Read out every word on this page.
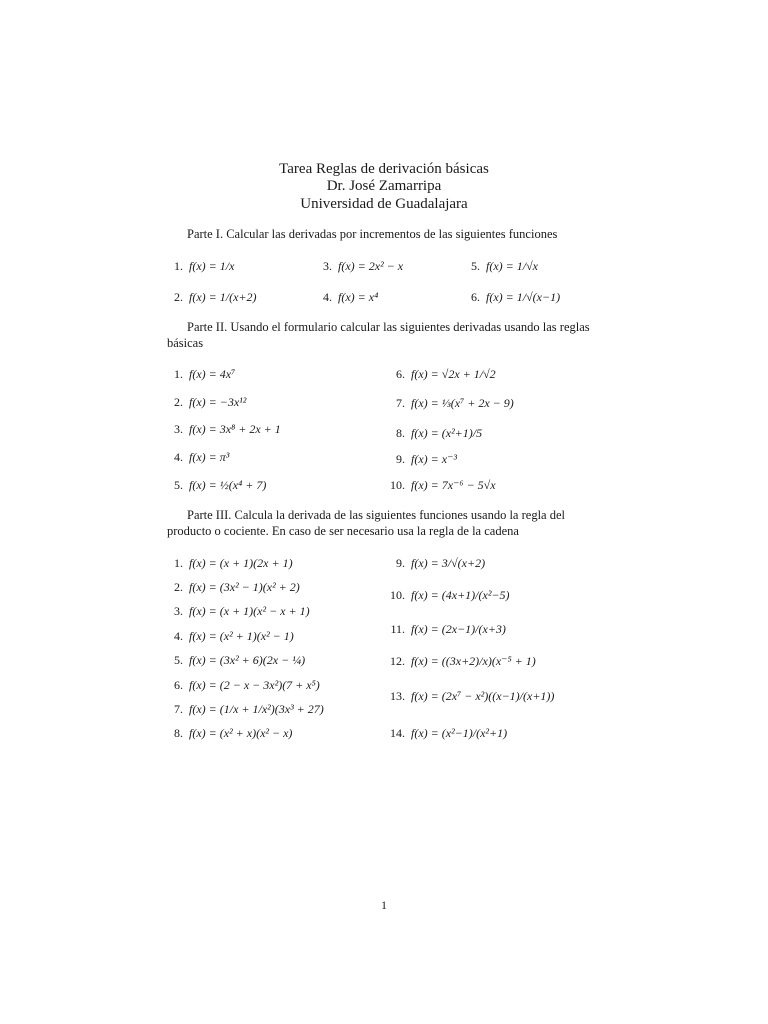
Tarea Reglas de derivación básicas
Dr. José Zamarripa
Universidad de Guadalajara
Parte I. Calcular las derivadas por incrementos de las siguientes funciones
1. f(x) = 1/x
2. f(x) = 1/(x+2)
3. f(x) = 2x² − x
4. f(x) = x⁴
5. f(x) = 1/√x
6. f(x) = 1/√(x−1)
Parte II. Usando el formulario calcular las siguientes derivadas usando las reglas básicas
1. f(x) = 4x⁷
2. f(x) = −3x¹²
3. f(x) = 3x⁸ + 2x + 1
4. f(x) = π³
5. f(x) = ½(x⁴ + 7)
6. f(x) = √2x + 1/√2
7. f(x) = ⅓(x⁷ + 2x − 9)
8. f(x) = (x²+1)/5
9. f(x) = x⁻³
10. f(x) = 7x⁻⁶ − 5√x
Parte III. Calcula la derivada de las siguientes funciones usando la regla del producto o cociente. En caso de ser necesario usa la regla de la cadena
1. f(x) = (x + 1)(2x + 1)
2. f(x) = (3x² − 1)(x² + 2)
3. f(x) = (x + 1)(x² − x + 1)
4. f(x) = (x² + 1)(x² − 1)
5. f(x) = (3x² + 6)(2x − ¼)
6. f(x) = (2 − x − 3x²)(7 + x⁵)
7. f(x) = (1/x + 1/x²)(3x³ + 27)
8. f(x) = (x² + x)(x² − x)
9. f(x) = 3/√(x+2)
10. f(x) = (4x+1)/(x²−5)
11. f(x) = (2x−1)/(x+3)
12. f(x) = ((3x+2)/x)(x⁻⁵ + 1)
13. f(x) = (2x⁷ − x²)((x−1)/(x+1))
14. f(x) = (x²−1)/(x²+1)
1
